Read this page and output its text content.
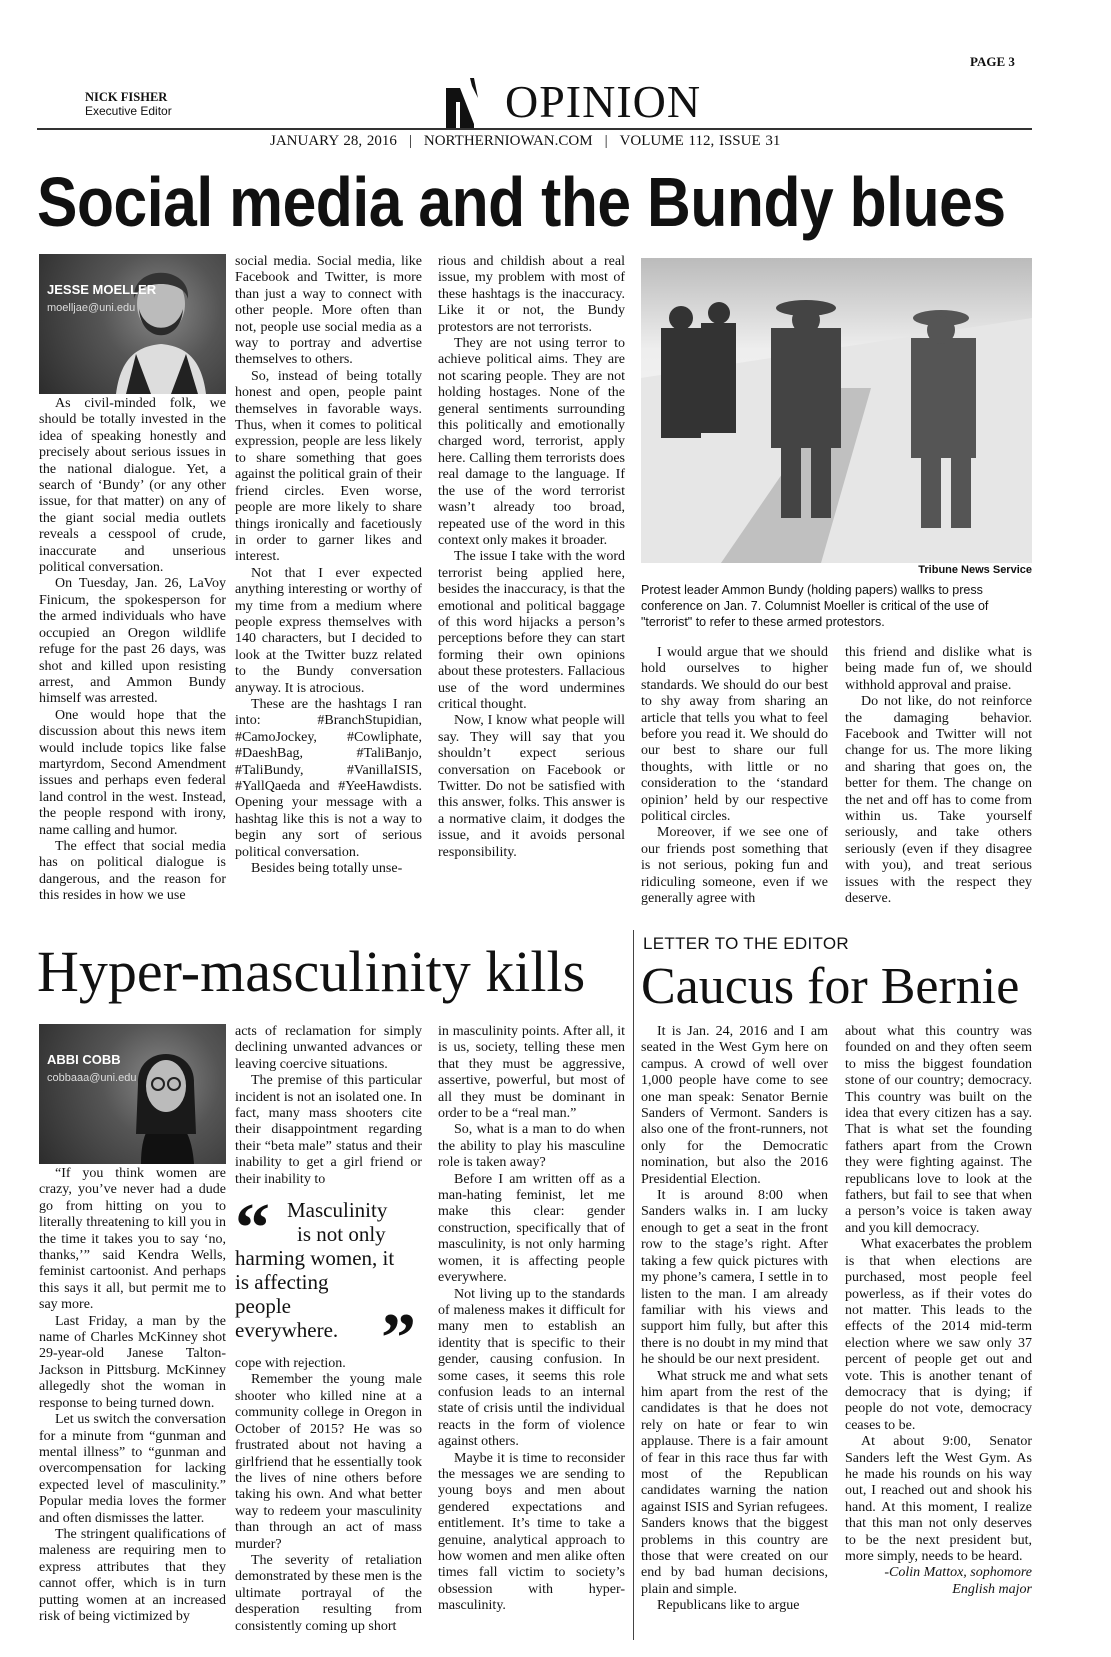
PAGE 3
NICK FISHER
Executive Editor	OPINION
JANUARY 28, 2016 | NORTHERNIOWAN.COM | VOLUME 112, ISSUE 31
Social media and the Bundy blues
JESSE MOELLER
moelljae@uni.edu

As civil-minded folk, we should be totally invested in the idea of speaking honestly and precisely about serious issues in the national dialogue. Yet, a search of ‘Bundy’ (or any other issue, for that matter) on any of the giant social media outlets reveals a cesspool of crude, inaccurate and unserious political conversation.

On Tuesday, Jan. 26, LaVoy Finicum, the spokesperson for the armed individuals who have occupied an Oregon wildlife refuge for the past 26 days, was shot and killed upon resisting arrest, and Ammon Bundy himself was arrested.

One would hope that the discussion about this news item would include topics like false martyrdom, Second Amendment issues and perhaps even federal land control in the west. Instead, the people respond with irony, name calling and humor.

The effect that social media has on political dialogue is dangerous, and the reason for this resides in how we use

social media. Social media, like Facebook and Twitter, is more than just a way to connect with other people. More often than not, people use social media as a way to portray and advertise themselves to others.

So, instead of being totally honest and open, people paint themselves in favorable ways. Thus, when it comes to political expression, people are less likely to share something that goes against the political grain of their friend circles. Even worse, people are more likely to share things ironically and facetiously in order to garner likes and interest.

Not that I ever expected anything interesting or worthy of my time from a medium where people express themselves with 140 characters, but I decided to look at the Twitter buzz related to the Bundy conversation anyway. It is atrocious.

These are the hashtags I ran into: #BranchStupidian, #CamoJockey, #Cowliphate, #DaeshBag, #TaliBanjo, #TaliBundy, #VanillaISIS, #YallQaeda and #YeeHawdists. Opening your message with a hashtag like this is not a way to begin any sort of serious political conversation.

Besides being totally unse-

rious and childish about a real issue, my problem with most of these hashtags is the inaccuracy. Like it or not, the Bundy protestors are not terrorists.

They are not using terror to achieve political aims. They are not scaring people. They are not holding hostages. None of the general sentiments surrounding this politically and emotionally charged word, terrorist, apply here. Calling them terrorists does real damage to the language. If the use of the word terrorist wasn’t already too broad, repeated use of the word in this context only makes it broader.

The issue I take with the word terrorist being applied here, besides the inaccuracy, is that the emotional and political baggage of this word hijacks a person’s perceptions before they can start forming their own opinions about these protesters. Fallacious use of the word undermines critical thought.

Now, I know what people will say. They will say that you shouldn’t expect serious conversation on Facebook or Twitter. Do not be satisfied with this answer, folks. This answer is a normative claim, it dodges the issue, and it avoids personal responsibility.

Tribune News Service
Protest leader Ammon Bundy (holding papers) wallks to press conference on Jan. 7. Columnist Moeller is critical of the use of "terrorist" to refer to these armed protestors.

I would argue that we should hold ourselves to higher standards. We should do our best to shy away from sharing an article that tells you what to feel before you read it. We should do our best to share our full thoughts, with little or no consideration to the ‘standard opinion’ held by our respective political circles.

Moreover, if we see one of our friends post something that is not serious, poking fun and ridiculing someone, even if we generally agree with

this friend and dislike what is being made fun of, we should withhold approval and praise.

Do not like, do not reinforce the damaging behavior. Facebook and Twitter will not change for us. The more liking and sharing that goes on, the better for them. The change on the net and off has to come from within us. Take yourself seriously, and take others seriously (even if they disagree with you), and treat serious issues with the respect they deserve.

Hyper-masculinity kills	LETTER TO THE EDITOR
Caucus for Bernie
ABBI COBB
cobbaaa@uni.edu

“If you think women are crazy, you’ve never had a dude go from hitting on you to literally threatening to kill you in the time it takes you to say ‘no, thanks,’” said Kendra Wells, feminist cartoonist. And perhaps this says it all, but permit me to say more.

Last Friday, a man by the name of Charles McKinney shot 29-year-old Janese Talton-Jackson in Pittsburg. McKinney allegedly shot the woman in response to being turned down.

Let us switch the conversation for a minute from “gunman and mental illness” to “gunman and overcompensation for lacking expected level of masculinity.” Popular media loves the former and often dismisses the latter.

The stringent qualifications of maleness are requiring men to express attributes that they cannot offer, which is in turn putting women at an increased risk of being victimized by

acts of reclamation for simply declining unwanted advances or leaving coercive situations.

The premise of this particular incident is not an isolated one. In fact, many mass shooters cite their disappointment regarding their “beta male” status and their inability to get a girl friend or their inability to

“ Masculinity
is not only
harming women, it
is affecting
people
everywhere. ”

cope with rejection.

Remember the young male shooter who killed nine at a community college in Oregon in October of 2015? He was so frustrated about not having a girlfriend that he essentially took the lives of nine others before taking his own. And what better way to redeem your masculinity than through an act of mass murder?

The severity of retaliation demonstrated by these men is the ultimate portrayal of the desperation resulting from consistently coming up short

in masculinity points. After all, it is us, society, telling these men that they must be aggressive, assertive, powerful, but most of all they must be dominant in order to be a “real man.”

So, what is a man to do when the ability to play his masculine role is taken away?

Before I am written off as a man-hating feminist, let me make this clear: gender construction, specifically that of masculinity, is not only harming women, it is affecting people everywhere.

Not living up to the standards of maleness makes it difficult for many men to establish an identity that is specific to their gender, causing confusion. In some cases, it seems this role confusion leads to an internal state of crisis until the individual reacts in the form of violence against others.

Maybe it is time to reconsider the messages we are sending to young boys and men about gendered expectations and entitlement. It’s time to take a genuine, analytical approach to how women and men alike often times fall victim to society’s obsession with hyper-masculinity.

It is Jan. 24, 2016 and I am seated in the West Gym here on campus. A crowd of well over 1,000 people have come to see one man speak: Senator Bernie Sanders of Vermont. Sanders is also one of the front-runners, not only for the Democratic nomination, but also the 2016 Presidential Election.

It is around 8:00 when Sanders walks in. I am lucky enough to get a seat in the front row to the stage’s right. After taking a few quick pictures with my phone’s camera, I settle in to listen to the man. I am already familiar with his views and support him fully, but after this there is no doubt in my mind that he should be our next president.

What struck me and what sets him apart from the rest of the candidates is that he does not rely on hate or fear to win applause. There is a fair amount of fear in this race thus far with most of the Republican candidates warning the nation against ISIS and Syrian refugees. Sanders knows that the biggest problems in this country are those that were created on our end by bad human decisions, plain and simple.

Republicans like to argue

about what this country was founded on and they often seem to miss the biggest foundation stone of our country; democracy. This country was built on the idea that every citizen has a say. That is what set the founding fathers apart from the Crown they were fighting against. The republicans love to look at the fathers, but fail to see that when a person’s voice is taken away and you kill democracy.

What exacerbates the problem is that when elections are purchased, most people feel powerless, as if their votes do not matter. This leads to the effects of the 2014 mid-term election where we saw only 37 percent of people get out and vote. This is another tenant of democracy that is dying; if people do not vote, democracy ceases to be.

At about 9:00, Senator Sanders left the West Gym. As he made his rounds on his way out, I reached out and shook his hand. At this moment, I realize that this man not only deserves to be the next president but, more simply, needs to be heard.

-Colin Mattox, sophomore
English major
